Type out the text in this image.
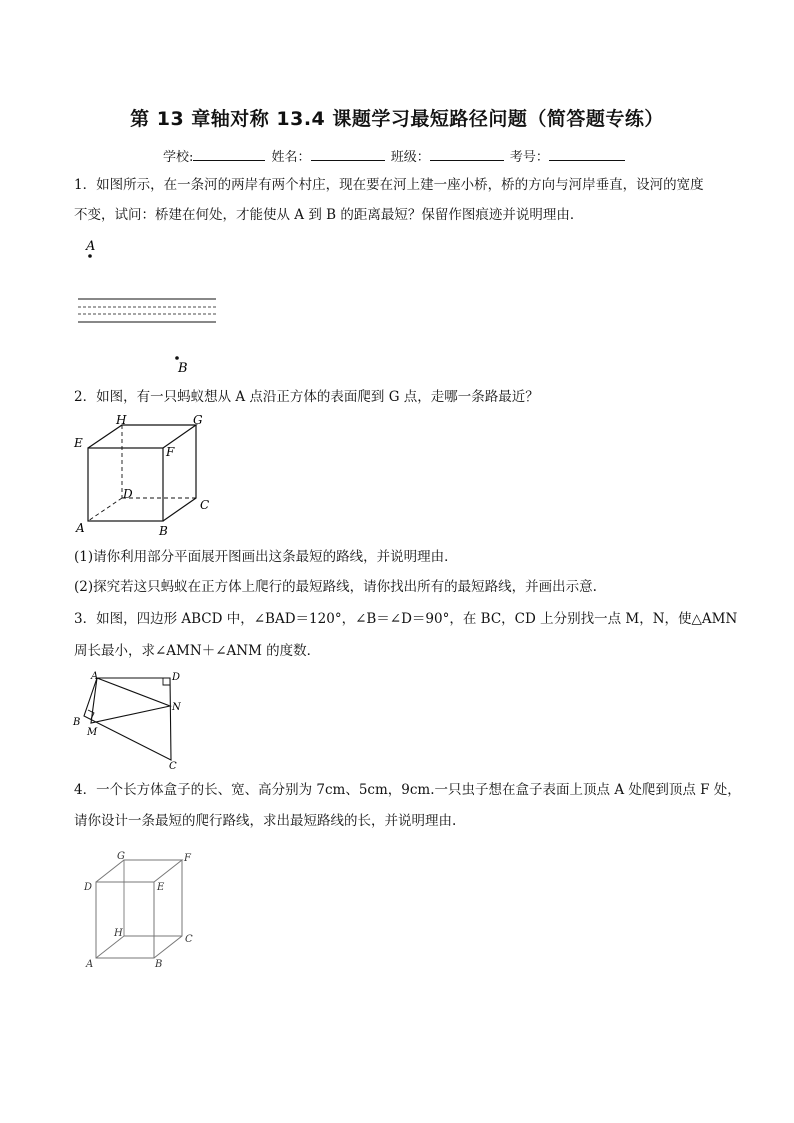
第 13 章轴对称 13.4 课题学习最短路径问题（简答题专练）
学校:	姓名：	班级：	考号：
1．如图所示，在一条河的两岸有两个村庄，现在要在河上建一座小桥，桥的方向与河岸垂直，设河的宽度
不变，试问：桥建在何处，才能使从 A 到 B 的距离最短？保留作图痕迹并说明理由．
A
B
2．如图，有一只蚂蚁想从 A 点沿正方体的表面爬到 G 点，走哪一条路最近？
A	B
C
D
E
F
G
H
(1)请你利用部分平面展开图画出这条最短的路线，并说明理由．
(2)探究若这只蚂蚁在正方体上爬行的最短路线，请你找出所有的最短路线，并画出示意.
3．如图，四边形 ABCD 中，∠BAD＝120°，∠B＝∠D＝90°，在 BC，CD 上分别找一点 M，N，使△AMN
周长最小，求∠AMN＋∠ANM 的度数．
A
B
C
D
M
N
4．一个长方体盒子的长、宽、高分别为 7cm、5cm，9cm.一只虫子想在盒子表面上顶点 A 处爬到顶点 F 处，
请你设计一条最短的爬行路线，求出最短路线的长，并说明理由.
A	B
C
D	E
F
G
H
